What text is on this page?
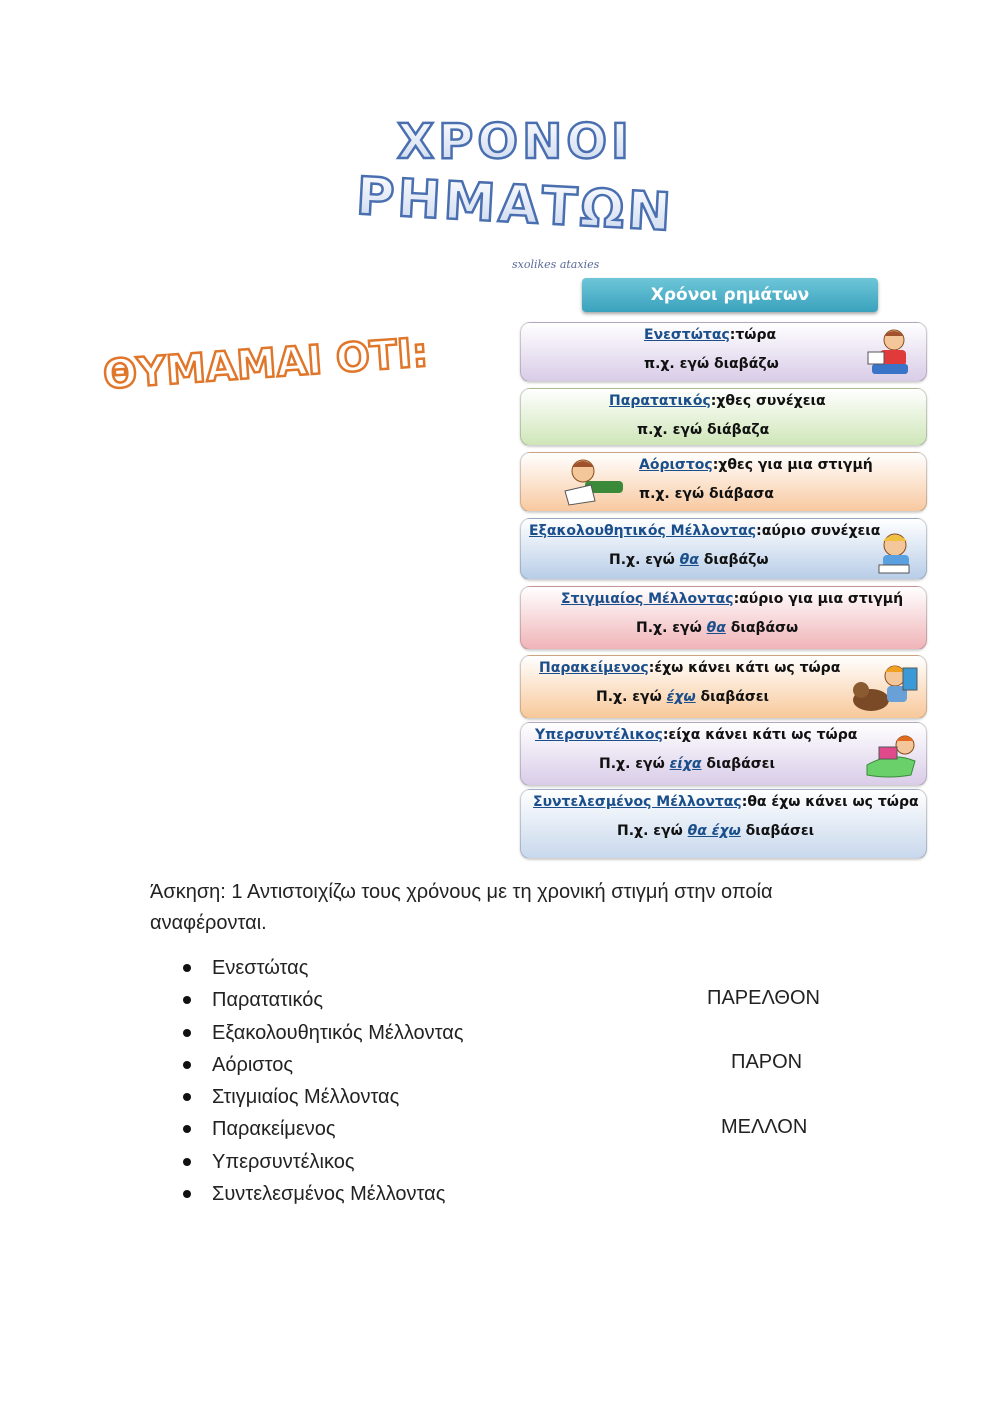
ΧΡΟΝΟΙ
ΡΗΜΑΤΩΝ
sxolikes ataxies
ΘΥΜΑΜΑΙ ΟΤΙ:
Χρόνοι ρημάτων
Ενεστώτας:τώρα
π.χ. εγώ διαβάζω
Παρατατικός:χθες συνέχεια
π.χ. εγώ διάβαζα
Αόριστος:χθες για μια στιγμή
π.χ. εγώ διάβασα
Εξακολουθητικός Μέλλοντας:αύριο συνέχεια
Π.χ. εγώ θα διαβάζω
Στιγμιαίος Μέλλοντας:αύριο για μια στιγμή
Π.χ. εγώ θα διαβάσω
Παρακείμενος:έχω κάνει κάτι ως τώρα
Π.χ. εγώ έχω διαβάσει
Υπερσυντέλικος:είχα κάνει κάτι ως τώρα
Π.χ. εγώ είχα διαβάσει
Συντελεσμένος Μέλλοντας:θα έχω κάνει ως τώρα
Π.χ. εγώ θα έχω διαβάσει
Άσκηση: 1 Αντιστοιχίζω τους χρόνους με τη χρονική στιγμή στην οποία αναφέρονται.
Ενεστώτας
Παρατατικός
Εξακολουθητικός Μέλλοντας
Αόριστος
Στιγμιαίος Μέλλοντας
Παρακείμενος
Υπερσυντέλικος
Συντελεσμένος Μέλλοντας
ΠΑΡΕΛΘΟΝ
ΠΑΡΟΝ
ΜΕΛΛΟΝ
